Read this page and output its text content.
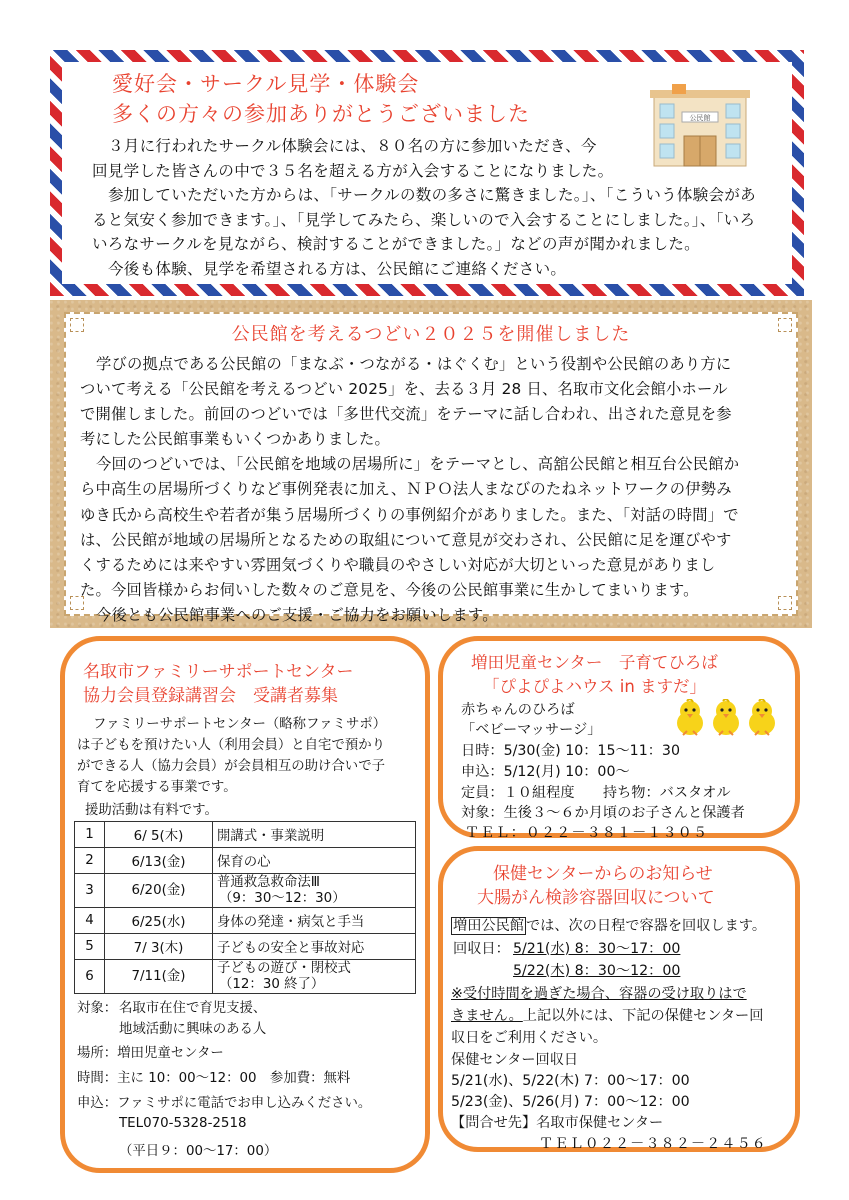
愛好会・サークル見学・体験会
多くの方々の参加ありがとうございました

３月に行われたサークル体験会には、８０名の方に参加いただき、今

回見学した皆さんの中で３５名を超える方が入会することになりました。

参加していただいた方からは、「サークルの数の多さに驚きました。」、「こういう体験会があ

ると気安く参加できます。」、「見学してみたら、楽しいので入会することにしました。」、「いろ

いろなサークルを見ながら、検討することができました。」などの声が聞かれました。

今後も体験、見学を希望される方は、公民館にご連絡ください。

公民館
公民館を考えるつどい２０２５を開催しました

学びの拠点である公民館の「まなぶ・つながる・はぐくむ」という役割や公民館のあり方に

ついて考える「公民館を考えるつどい 2025」を、去る３月 28 日、名取市文化会館小ホール

で開催しました。前回のつどいでは「多世代交流」をテーマに話し合われ、出された意見を参

考にした公民館事業もいくつかありました。

今回のつどいでは、「公民館を地域の居場所に」をテーマとし、高舘公民館と相互台公民館か

ら中高生の居場所づくりなど事例発表に加え、ＮＰＯ法人まなびのたねネットワークの伊勢み

ゆき氏から高校生や若者が集う居場所づくりの事例紹介がありました。また、「対話の時間」で

は、公民館が地域の居場所となるための取組について意見が交わされ、公民館に足を運びやす

くするためには来やすい雰囲気づくりや職員のやさしい対応が大切といった意見がありまし

た。今回皆様からお伺いした数々のご意見を、今後の公民館事業に生かしてまいります。

今後とも公民館事業へのご支援・ご協力をお願いします。

名取市ファミリーサポートセンター
協力会員登録講習会　受講者募集
ファミリーサポートセンター（略称ファミサポ）
は子どもを預けたい人（利用会員）と自宅で預かり
ができる人（協力会員）が会員相互の助け合いで子
育てを応援する事業です。
援助活動は有料です。
1	6/ 5(木)	開講式・事業説明
2	6/13(金)	保育の心
3	6/20(金)	普通救急救命法Ⅲ
（9：30～12：30）

4	6/25(水)	身体の発達・病気と手当
5	7/ 3(木)	子どもの安全と事故対応
6	7/11(金)	子どもの遊び・閉校式
（12：30 終了）
対象： 名取市在住で育児支援、
地域活動に興味のある人
場所：増田児童センター
時間：主に 10：00～12：00　参加費：無料
申込：ファミサポに電話でお申し込みください。
TEL070-5328-2518
（平日９：00～17：00）
増田児童センター　子育てひろば
「ぴよぴよハウス in ますだ」
赤ちゃんのひろば
「ベビーマッサージ」
日時：5/30(金) 10：15～11：30
申込：5/12(月) 10：00～
定員：１０組程度　　持ち物：バスタオル
対象：生後３～６か月頃のお子さんと保護者
ＴＥＬ：０２２－３８１－１３０５
保健センターからのお知らせ
大腸がん検診容器回収について
増田公民館 では、次の日程で容器を回収します。
回収日： 5/21(水) 8：30～17：00
5/22(木) 8：30～12：00
※受付時間を過ぎた場合、容器の受け取りはで
きません。上記以外には、下記の保健センター回
収日をご利用ください。
保健センター回収日
5/21(水)、5/22(木) 7：00～17：00
5/23(金)、5/26(月) 7：00～12：00
【問合せ先】名取市保健センター
ＴＥＬ０２２－３８２－２４５６
